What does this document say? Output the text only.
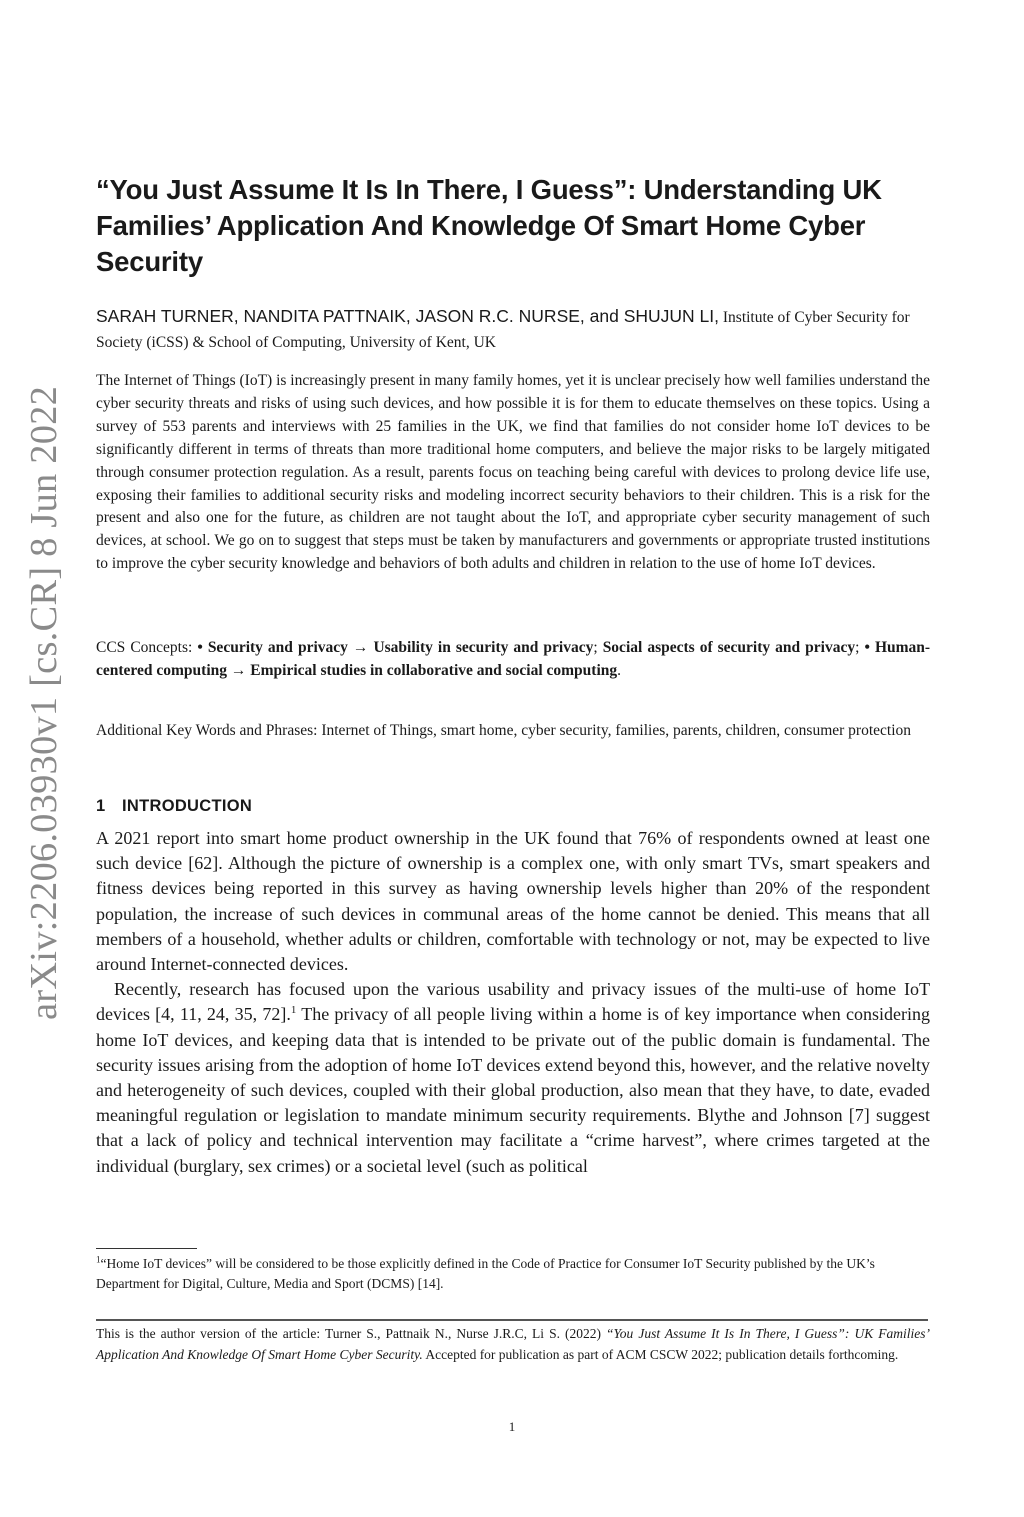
arXiv:2206.03930v1 [cs.CR] 8 Jun 2022
“You Just Assume It Is In There, I Guess”: Understanding UK Families’ Application And Knowledge Of Smart Home Cyber Security
SARAH TURNER, NANDITA PATTNAIK, JASON R.C. NURSE, and SHUJUN LI, Institute of Cyber Security for Society (iCSS) & School of Computing, University of Kent, UK

The Internet of Things (IoT) is increasingly present in many family homes, yet it is unclear precisely how well families understand the cyber security threats and risks of using such devices, and how possible it is for them to educate themselves on these topics. Using a survey of 553 parents and interviews with 25 families in the UK, we find that families do not consider home IoT devices to be significantly different in terms of threats than more traditional home computers, and believe the major risks to be largely mitigated through consumer protection regulation. As a result, parents focus on teaching being careful with devices to prolong device life use, exposing their families to additional security risks and modeling incorrect security behaviors to their children. This is a risk for the present and also one for the future, as children are not taught about the IoT, and appropriate cyber security management of such devices, at school. We go on to suggest that steps must be taken by manufacturers and governments or appropriate trusted institutions to improve the cyber security knowledge and behaviors of both adults and children in relation to the use of home IoT devices.

CCS Concepts: • Security and privacy → Usability in security and privacy; Social aspects of security and privacy; • Human-centered computing → Empirical studies in collaborative and social computing.

Additional Key Words and Phrases: Internet of Things, smart home, cyber security, families, parents, children, consumer protection

1 INTRODUCTION

A 2021 report into smart home product ownership in the UK found that 76% of respondents owned at least one such device [62]. Although the picture of ownership is a complex one, with only smart TVs, smart speakers and fitness devices being reported in this survey as having ownership levels higher than 20% of the respondent population, the increase of such devices in communal areas of the home cannot be denied. This means that all members of a household, whether adults or children, comfortable with technology or not, may be expected to live around Internet-connected devices.

Recently, research has focused upon the various usability and privacy issues of the multi-use of home IoT devices [4, 11, 24, 35, 72].$^1$ The privacy of all people living within a home is of key importance when considering home IoT devices, and keeping data that is intended to be private out of the public domain is fundamental. The security issues arising from the adoption of home IoT devices extend beyond this, however, and the relative novelty and heterogeneity of such devices, coupled with their global production, also mean that they have, to date, evaded meaningful regulation or legislation to mandate minimum security requirements. Blythe and Johnson [7] suggest that a lack of policy and technical intervention may facilitate a “crime harvest”, where crimes targeted at the individual (burglary, sex crimes) or a societal level (such as political

$^1$“Home IoT devices” will be considered to be those explicitly defined in the Code of Practice for Consumer IoT Security published by the UK’s Department for Digital, Culture, Media and Sport (DCMS) [14].

This is the author version of the article: Turner S., Pattnaik N., Nurse J.R.C, Li S. (2022) “You Just Assume It Is In There, I Guess”: UK Families’ Application And Knowledge Of Smart Home Cyber Security. Accepted for publication as part of ACM CSCW 2022; publication details forthcoming.

1
